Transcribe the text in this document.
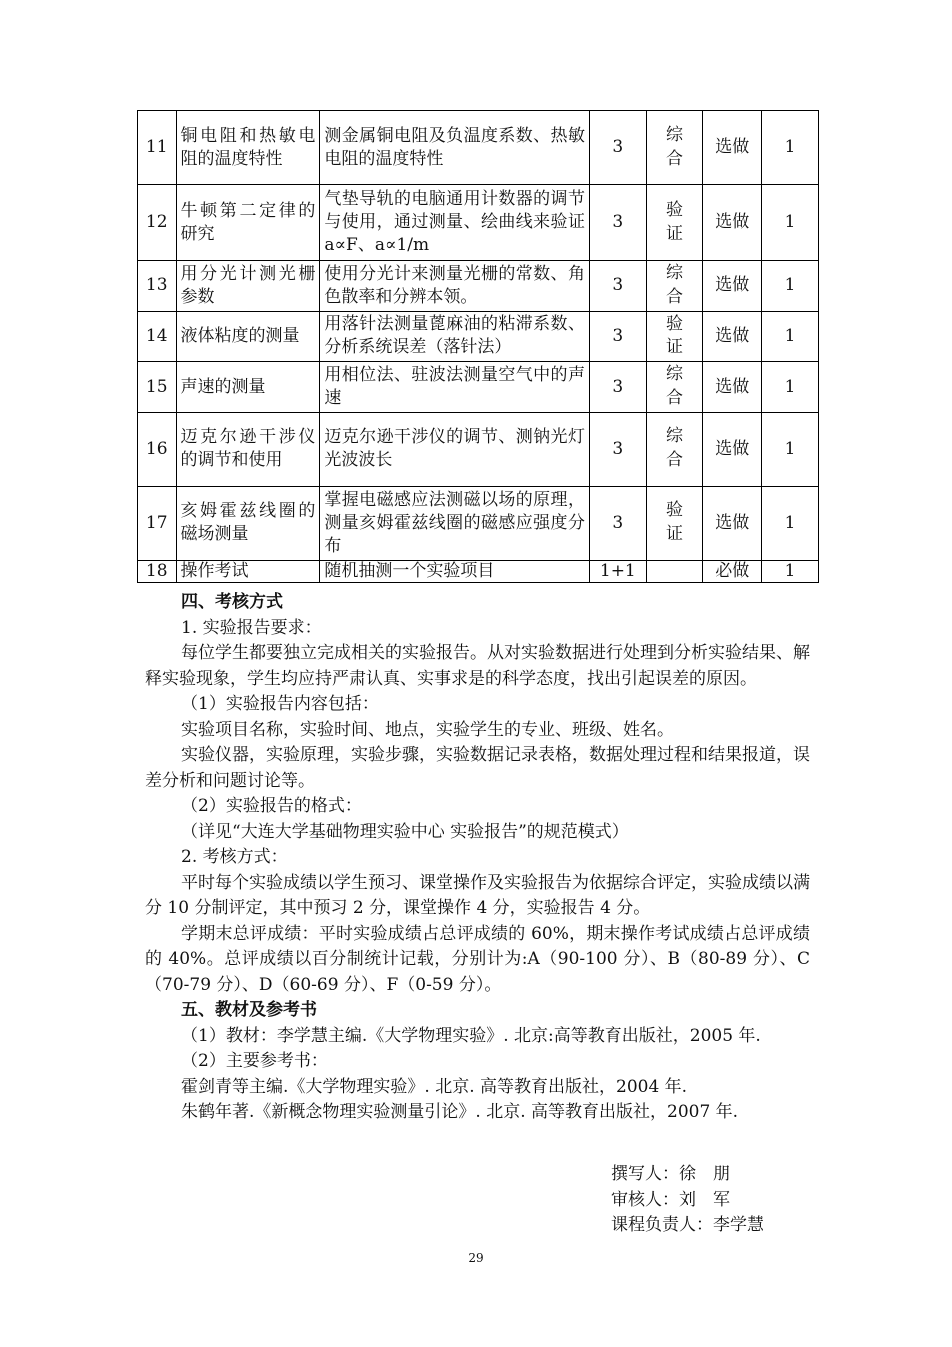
11	铜电阻和热敏电阻的温度特性	测金属铜电阻及负温度系数、热敏电阻的温度特性	3	综合	选做	1
12	牛顿第二定律的研究	气垫导轨的电脑通用计数器的调节与使用，通过测量、绘曲线来验证 a∝F、a∝1/m	3	验证	选做	1
13	用分光计测光栅参数	使用分光计来测量光栅的常数、角色散率和分辨本领。	3	综合	选做	1
14	液体粘度的测量	用落针法测量蓖麻油的粘滞系数、分析系统误差（落针法）	3	验证	选做	1
15	声速的测量	用相位法、驻波法测量空气中的声速	3	综合	选做	1
16	迈克尔逊干涉仪的调节和使用	迈克尔逊干涉仪的调节、测钠光灯光波波长	3	综合	选做	1
17	亥姆霍兹线圈的磁场测量	掌握电磁感应法测磁以场的原理，测量亥姆霍兹线圈的磁感应强度分布	3	验证	选做	1
18	操作考试	随机抽测一个实验项目	1+1		必做	1

四、考核方式

1. 实验报告要求：

每位学生都要独立完成相关的实验报告。从对实验数据进行处理到分析实验结果、解释实验现象，学生均应持严肃认真、实事求是的科学态度，找出引起误差的原因。

（1）实验报告内容包括：

实验项目名称，实验时间、地点，实验学生的专业、班级、姓名。

实验仪器，实验原理，实验步骤，实验数据记录表格，数据处理过程和结果报道，误差分析和问题讨论等。

（2）实验报告的格式：

（详见“大连大学基础物理实验中心 实验报告”的规范模式）

2. 考核方式：

平时每个实验成绩以学生预习、课堂操作及实验报告为依据综合评定，实验成绩以满分 10 分制评定，其中预习 2 分，课堂操作 4 分，实验报告 4 分。

学期末总评成绩：平时实验成绩占总评成绩的 60%，期末操作考试成绩占总评成绩的 40%。总评成绩以百分制统计记载，分别计为:A（90-100 分）、B（80-89 分）、C（70-79 分）、D（60-69 分）、F（0-59 分）。

五、教材及参考书

（1）教材：李学慧主编.《大学物理实验》. 北京:高等教育出版社，2005 年.

（2）主要参考书：

霍剑青等主编.《大学物理实验》. 北京. 高等教育出版社，2004 年.

朱鹤年著.《新概念物理实验测量引论》. 北京. 高等教育出版社，2007 年.

撰写人：徐　朋
审核人：刘　军
课程负责人：李学慧
29
